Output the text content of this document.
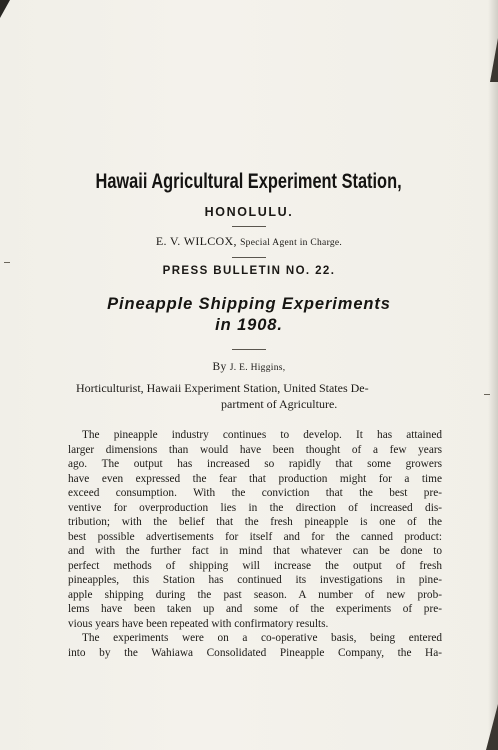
Hawaii Agricultural Experiment Station,
HONOLULU.
E. V. WILCOX, Special Agent in Charge.
PRESS BULLETIN NO. 22.
Pineapple Shipping Experiments
in 1908.
By J. E. Higgins,
Horticulturist, Hawaii Experiment Station, United States De-
partment of Agriculture.
The pineapple industry continues to develop. It has attained
larger dimensions than would have been thought of a few years
ago. The output has increased so rapidly that some growers
have even expressed the fear that production might for a time
exceed consumption. With the conviction that the best pre-
ventive for overproduction lies in the direction of increased dis-
tribution; with the belief that the fresh pineapple is one of the
best possible advertisements for itself and for the canned product:
and with the further fact in mind that whatever can be done to
perfect methods of shipping will increase the output of fresh
pineapples, this Station has continued its investigations in pine-
apple shipping during the past season. A number of new prob-
lems have been taken up and some of the experiments of pre-
vious years have been repeated with confirmatory results.
The experiments were on a co-operative basis, being entered
into by the Wahiawa Consolidated Pineapple Company, the Ha-
